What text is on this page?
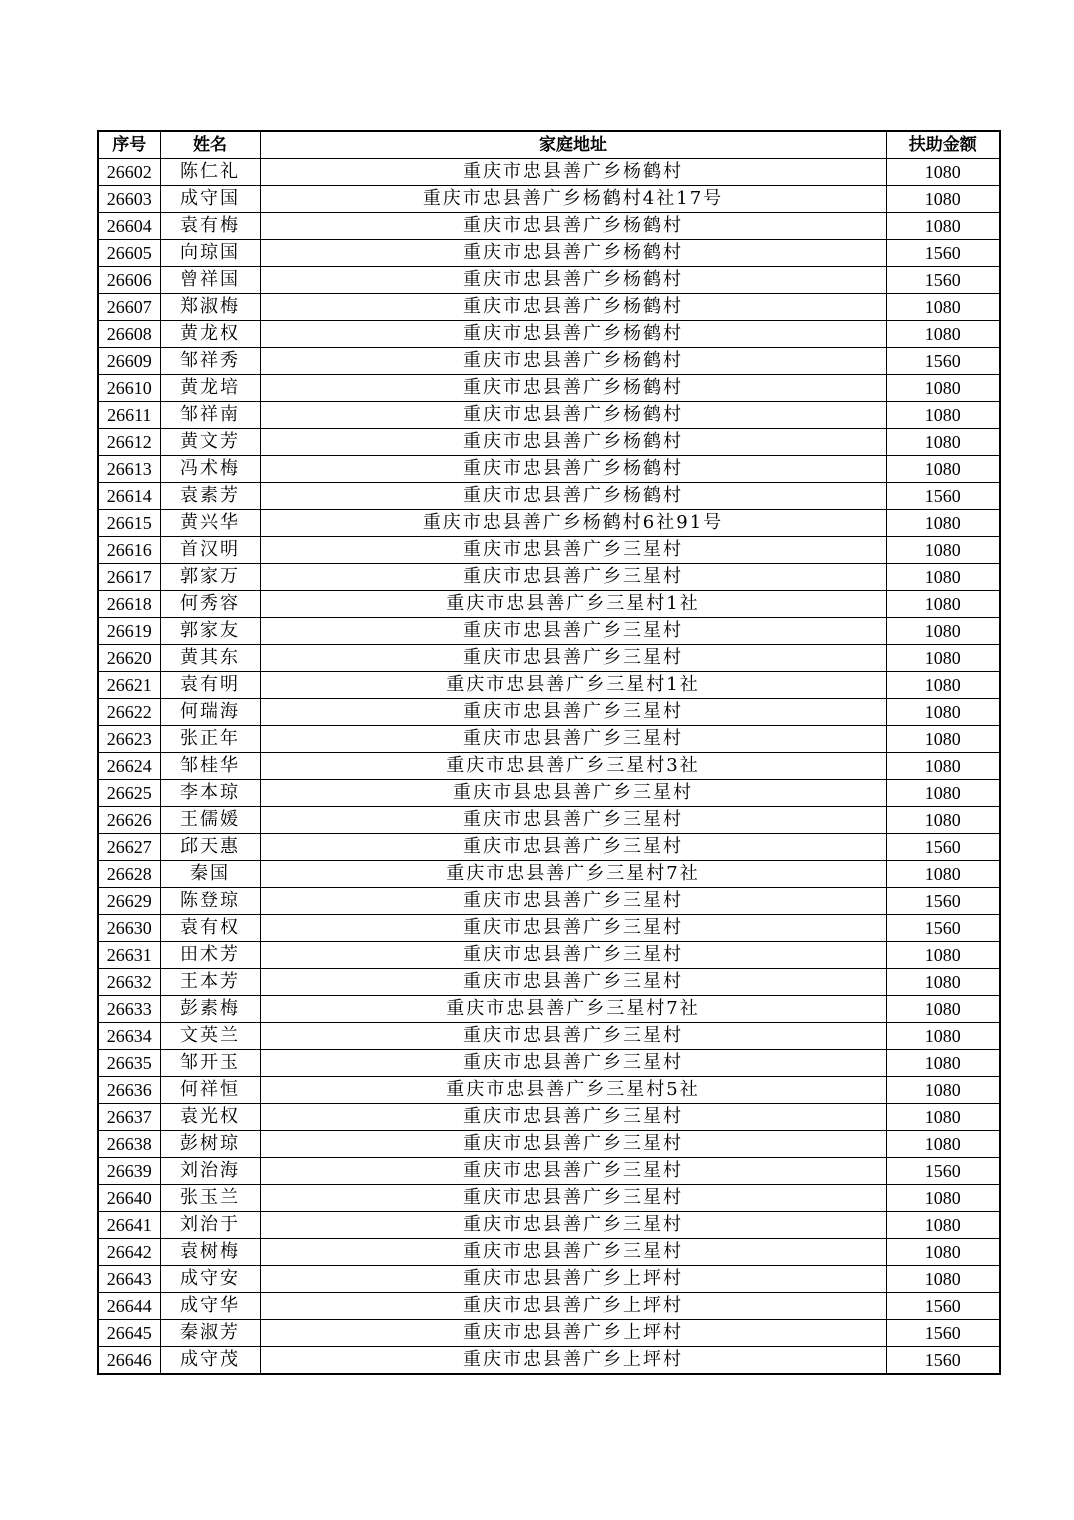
序号	姓名	家庭地址	扶助金额
26602	陈仁礼	重庆市忠县善广乡杨鹤村	1080
26603	成守国	重庆市忠县善广乡杨鹤村4社17号	1080
26604	袁有梅	重庆市忠县善广乡杨鹤村	1080
26605	向琼国	重庆市忠县善广乡杨鹤村	1560
26606	曾祥国	重庆市忠县善广乡杨鹤村	1560
26607	郑淑梅	重庆市忠县善广乡杨鹤村	1080
26608	黄龙权	重庆市忠县善广乡杨鹤村	1080
26609	邹祥秀	重庆市忠县善广乡杨鹤村	1560
26610	黄龙培	重庆市忠县善广乡杨鹤村	1080
26611	邹祥南	重庆市忠县善广乡杨鹤村	1080
26612	黄文芳	重庆市忠县善广乡杨鹤村	1080
26613	冯术梅	重庆市忠县善广乡杨鹤村	1080
26614	袁素芳	重庆市忠县善广乡杨鹤村	1560
26615	黄兴华	重庆市忠县善广乡杨鹤村6社91号	1080
26616	首汉明	重庆市忠县善广乡三星村	1080
26617	郭家万	重庆市忠县善广乡三星村	1080
26618	何秀容	重庆市忠县善广乡三星村1社	1080
26619	郭家友	重庆市忠县善广乡三星村	1080
26620	黄其东	重庆市忠县善广乡三星村	1080
26621	袁有明	重庆市忠县善广乡三星村1社	1080
26622	何瑞海	重庆市忠县善广乡三星村	1080
26623	张正年	重庆市忠县善广乡三星村	1080
26624	邹桂华	重庆市忠县善广乡三星村3社	1080
26625	李本琼	重庆市县忠县善广乡三星村	1080
26626	王儒媛	重庆市忠县善广乡三星村	1080
26627	邱天惠	重庆市忠县善广乡三星村	1560
26628	秦国	重庆市忠县善广乡三星村7社	1080
26629	陈登琼	重庆市忠县善广乡三星村	1560
26630	袁有权	重庆市忠县善广乡三星村	1560
26631	田术芳	重庆市忠县善广乡三星村	1080
26632	王本芳	重庆市忠县善广乡三星村	1080
26633	彭素梅	重庆市忠县善广乡三星村7社	1080
26634	文英兰	重庆市忠县善广乡三星村	1080
26635	邹开玉	重庆市忠县善广乡三星村	1080
26636	何祥恒	重庆市忠县善广乡三星村5社	1080
26637	袁光权	重庆市忠县善广乡三星村	1080
26638	彭树琼	重庆市忠县善广乡三星村	1080
26639	刘治海	重庆市忠县善广乡三星村	1560
26640	张玉兰	重庆市忠县善广乡三星村	1080
26641	刘治于	重庆市忠县善广乡三星村	1080
26642	袁树梅	重庆市忠县善广乡三星村	1080
26643	成守安	重庆市忠县善广乡上坪村	1080
26644	成守华	重庆市忠县善广乡上坪村	1560
26645	秦淑芳	重庆市忠县善广乡上坪村	1560
26646	成守茂	重庆市忠县善广乡上坪村	1560
